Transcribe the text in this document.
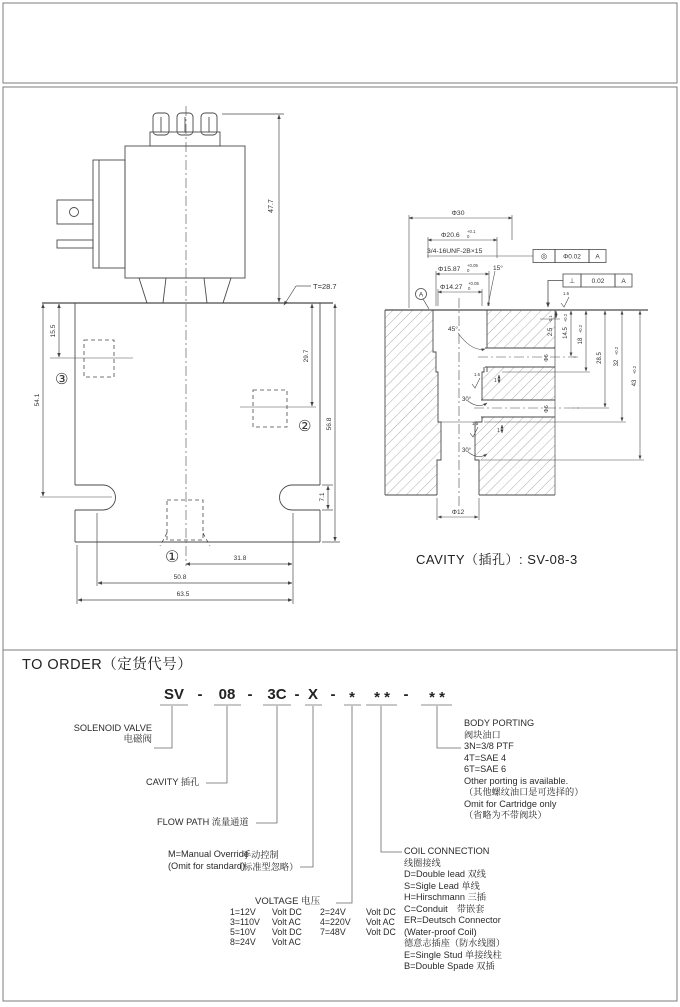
47.7
T=28.7
15.5
54.1
29.7
56.8
7.1
31.8
50.8
63.5
③
②
①
Φ30
Φ20.6
+0.1
0
3/4-16UNF-2B×15
Φ15.87
+0.05
0
Φ14.27
+0.05
0
15°
A
◎ Φ0.02 A
⊥	0.02	A
2.5
-0.1
14.5
+0.2
18
+0.2
28.5 32
+0.2
43
+0.2
Φ6
Φ6
45°
30°
30°
1
1
1.6
1.6
1.6
Φ12
CAVITY（插孔）: SV-08-3
TO ORDER（定货代号）
SV -	08 - 3C - X - *	* * -	* *
SOLENOID VALVE
电磁阀
CAVITY 插孔
FLOW PATH 流量通道
M=Manual Override
手动控制
(Omit for standard)
（标准型忽略）
VOLTAGE 电压
1=12V	Volt DC	2=24V	Volt DC
3=110V	Volt AC	4=220V	Volt AC
5=10V	Volt DC	7=48V	Volt DC
8=24V	Volt AC
COIL CONNECTION
线圈接线
D=Double lead 双线
S=Sigle Lead 单线
H=Hirschmann 三插
C=Conduit　带嵌套
ER=Deutsch Connector
(Water-proof Coil)
德意志插座（防水线圈）
E=Single Stud 单接线柱
B=Double Spade 双插
BODY PORTING
阀块油口
3N=3/8 PTF
4T=SAE 4
6T=SAE 6
Other porting is available.
（其他螺纹油口是可选择的）
Omit for Cartridge only
（省略为不带阀块）
